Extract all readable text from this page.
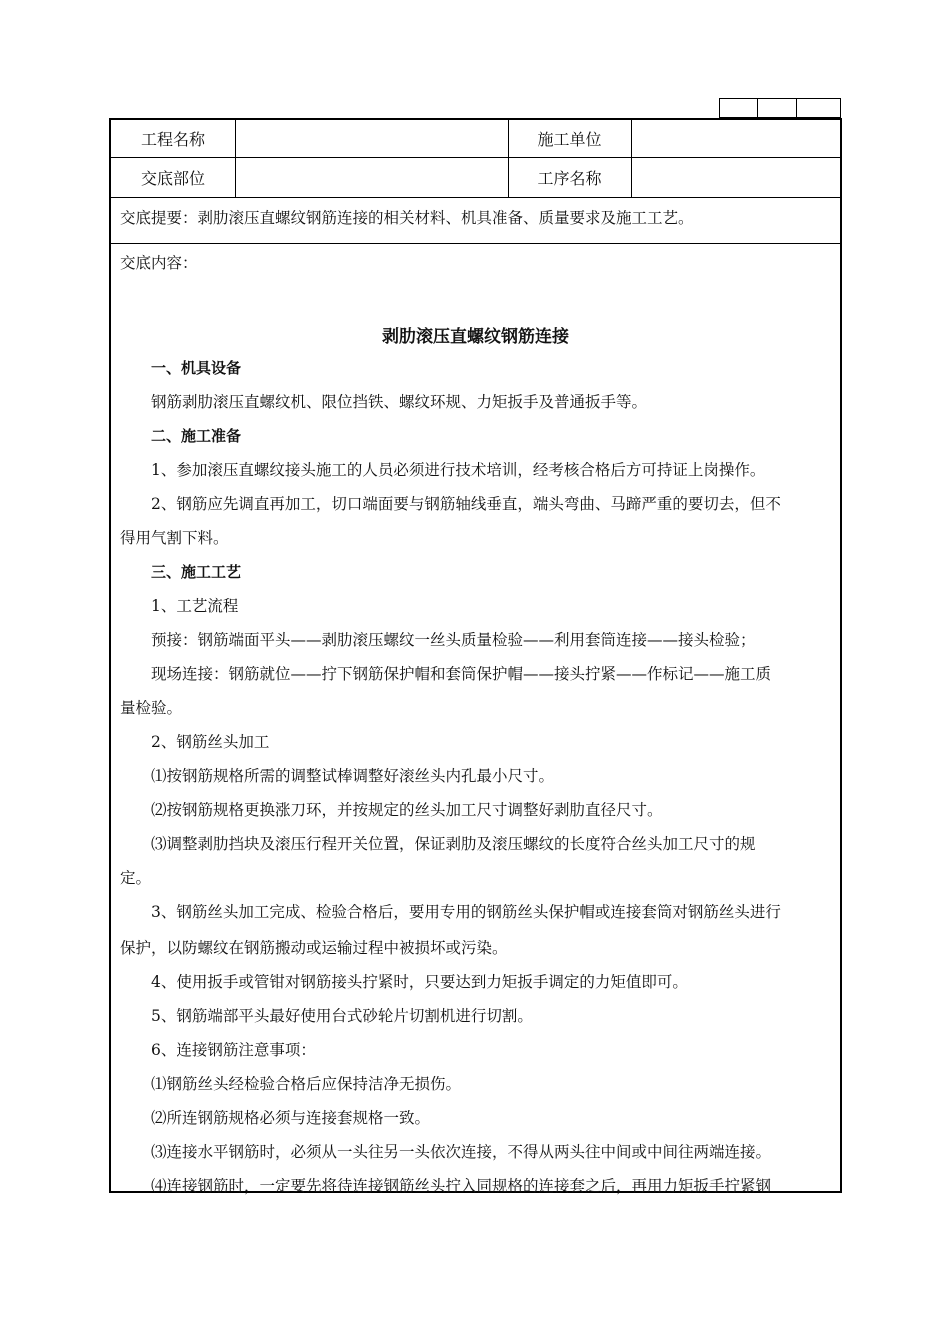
工程名称	施工单位
交底部位	工序名称
交底提要：剥肋滚压直螺纹钢筋连接的相关材料、机具准备、质量要求及施工工艺。
交底内容：
剥肋滚压直螺纹钢筋连接
一、机具设备
钢筋剥肋滚压直螺纹机、限位挡铁、螺纹环规、力矩扳手及普通扳手等。
二、施工准备
1、参加滚压直螺纹接头施工的人员必须进行技术培训，经考核合格后方可持证上岗操作。
2、钢筋应先调直再加工，切口端面要与钢筋轴线垂直，端头弯曲、马蹄严重的要切去，但不
得用气割下料。
三、施工工艺
1、工艺流程
预接：钢筋端面平头——剥肋滚压螺纹一丝头质量检验——利用套筒连接——接头检验；
现场连接：钢筋就位——拧下钢筋保护帽和套筒保护帽——接头拧紧——作标记——施工质
量检验。
2、钢筋丝头加工
⑴按钢筋规格所需的调整试棒调整好滚丝头内孔最小尺寸。
⑵按钢筋规格更换涨刀环，并按规定的丝头加工尺寸调整好剥肋直径尺寸。
⑶调整剥肋挡块及滚压行程开关位置，保证剥肋及滚压螺纹的长度符合丝头加工尺寸的规
定。
3、钢筋丝头加工完成、检验合格后，要用专用的钢筋丝头保护帽或连接套筒对钢筋丝头进行
保护，以防螺纹在钢筋搬动或运输过程中被损坏或污染。
4、使用扳手或管钳对钢筋接头拧紧时，只要达到力矩扳手调定的力矩值即可。
5、钢筋端部平头最好使用台式砂轮片切割机进行切割。
6、连接钢筋注意事项：
⑴钢筋丝头经检验合格后应保持洁净无损伤。
⑵所连钢筋规格必须与连接套规格一致。
⑶连接水平钢筋时，必须从一头往另一头依次连接，不得从两头往中间或中间往两端连接。
⑷连接钢筋时，一定要先将待连接钢筋丝头拧入同规格的连接套之后，再用力矩扳手拧紧钢
